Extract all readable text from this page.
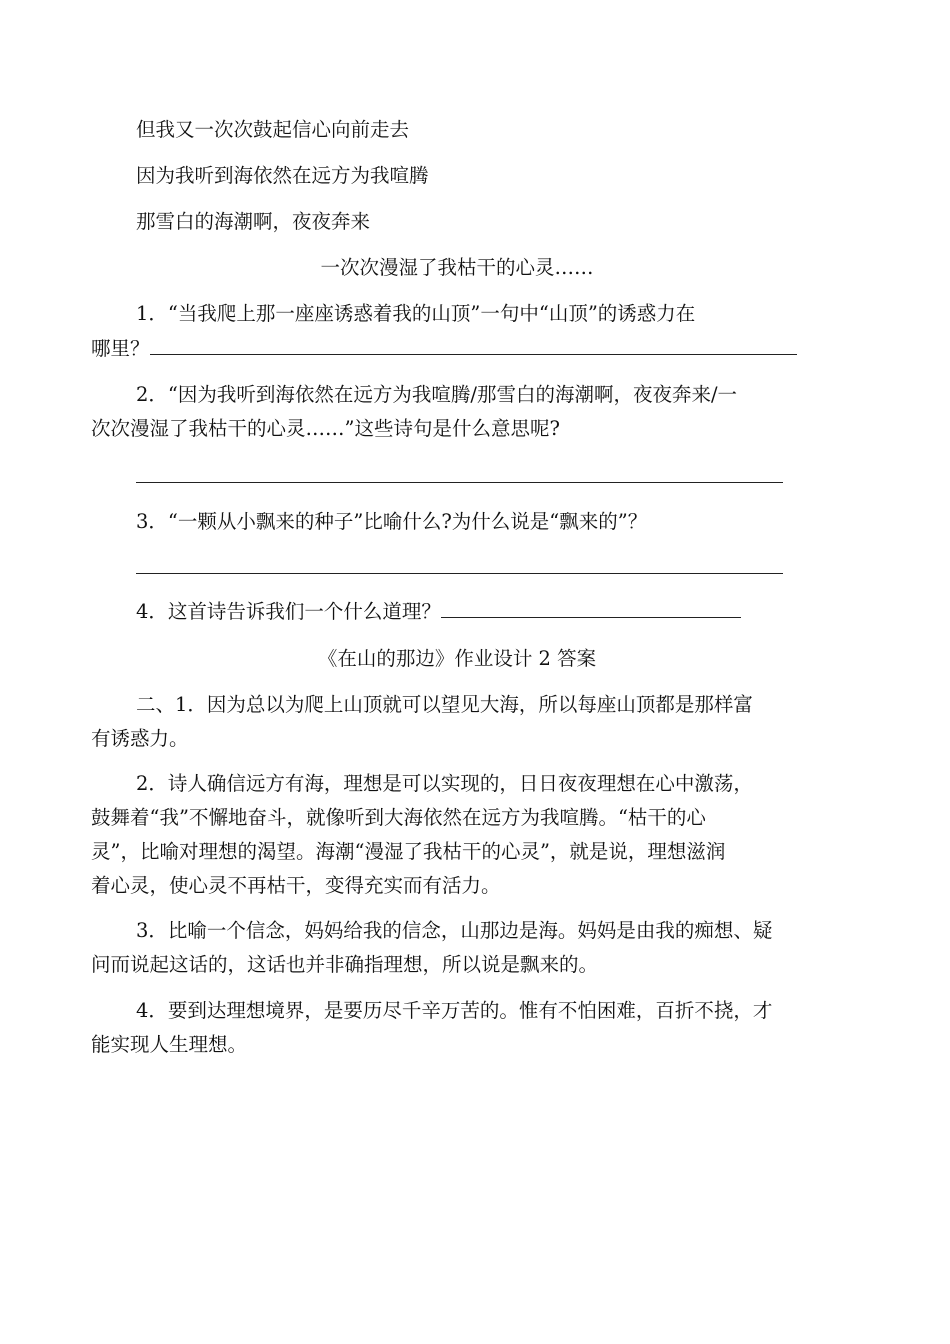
但我又一次次鼓起信心向前走去
因为我听到海依然在远方为我喧腾
那雪白的海潮啊，夜夜奔来
一次次漫湿了我枯干的心灵……
1．“当我爬上那一座座诱惑着我的山顶”一句中“山顶”的诱惑力在
哪里？
2．“因为我听到海依然在远方为我喧腾/那雪白的海潮啊，夜夜奔来/一
次次漫湿了我枯干的心灵……”这些诗句是什么意思呢?
3．“一颗从小飘来的种子”比喻什么?为什么说是“飘来的”？
4．这首诗告诉我们一个什么道理？
《在山的那边》作业设计 2 答案
二、1．因为总以为爬上山顶就可以望见大海，所以每座山顶都是那样富
有诱惑力。
2．诗人确信远方有海，理想是可以实现的，日日夜夜理想在心中激荡，
鼓舞着“我”不懈地奋斗，就像听到大海依然在远方为我喧腾。“枯干的心
灵”，比喻对理想的渴望。海潮“漫湿了我枯干的心灵”，就是说，理想滋润
着心灵，使心灵不再枯干，变得充实而有活力。
3．比喻一个信念，妈妈给我的信念，山那边是海。妈妈是由我的痴想、疑
问而说起这话的，这话也并非确指理想，所以说是飘来的。
4．要到达理想境界，是要历尽千辛万苦的。惟有不怕困难，百折不挠，才
能实现人生理想。
